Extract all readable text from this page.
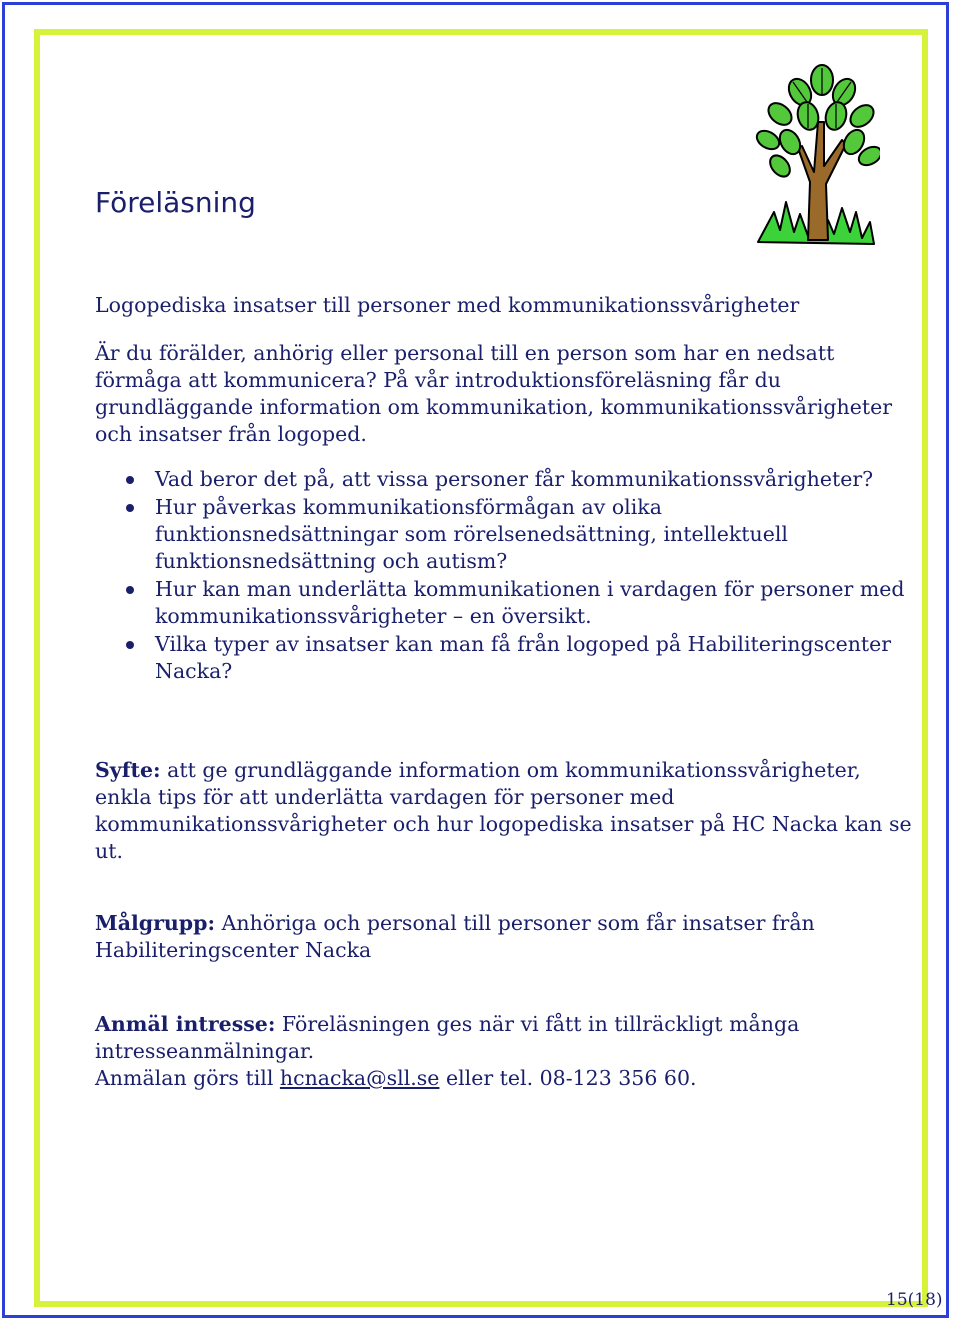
Föreläsning

Logopediska insatser till personer med kommunikationssvårigheter

Är du förälder, anhörig eller personal till en person som har en nedsatt
förmåga att kommunicera? På vår introduktionsföreläsning får du
grundläggande information om kommunikation, kommunikationssvårigheter
och insatser från logoped.

Vad beror det på, att vissa personer får kommunikationssvårigheter?
Hur påverkas kommunikationsförmågan av olika
funktionsnedsättningar som rörelsenedsättning, intellektuell
funktionsnedsättning och autism?
Hur kan man underlätta kommunikationen i vardagen för personer med
kommunikationssvårigheter – en översikt.
Vilka typer av insatser kan man få från logoped på Habiliteringscenter
Nacka?

Syfte: att ge grundläggande information om kommunikationssvårigheter,
enkla tips för att underlätta vardagen för personer med
kommunikationssvårigheter och hur logopediska insatser på HC Nacka kan se
ut.

Målgrupp: Anhöriga och personal till personer som får insatser från
Habiliteringscenter Nacka

Anmäl intresse: Föreläsningen ges när vi fått in tillräckligt många
intresseanmälningar.

Anmälan görs till hcnacka@sll.se eller tel. 08-123 356 60.

15(18)
